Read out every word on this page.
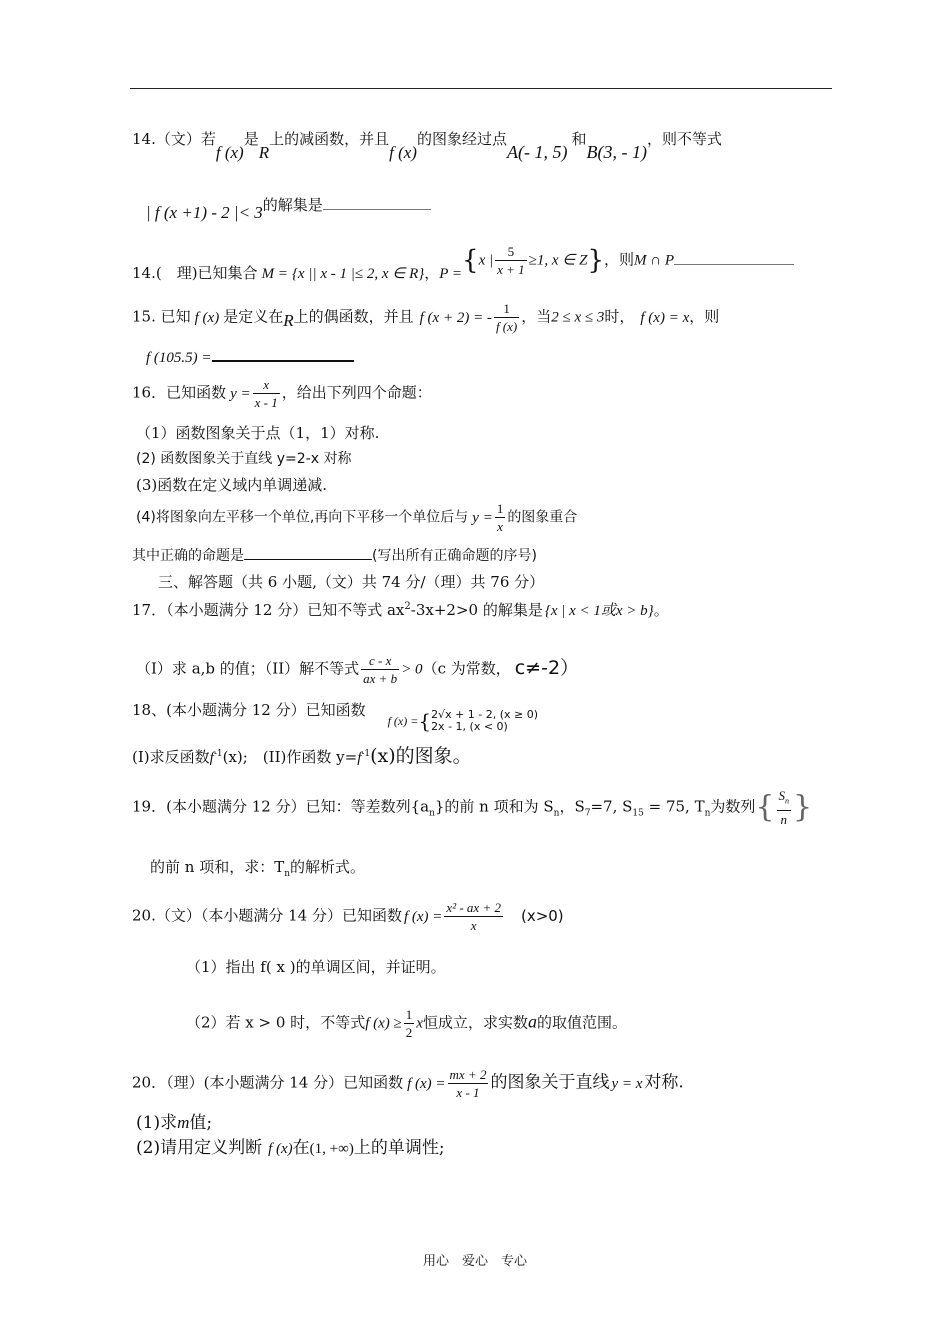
14.（文）若f (x)是R上的减函数，并且f (x)的图象经过点A(- 1, 5)和B(3, - 1)，则不等式
| f (x +1) - 2 |< 3的解集是
14.(　理)已知集合 M = {x || x - 1 |≤ 2, x ∈ R}，P ={x | $\frac{5}{x + 1} \ge 1$, x ∈ Z}，则M ∩ P
15. 已知 f (x) 是定义在R上的偶函数，并且 f (x + 2) = - $\frac{1}{f (x)}$ ，当2 ≤ x ≤ 3时， f (x) = x，则
f (105.5) =
16．已知函数 $y = \frac{x}{x - 1}$ ，给出下列四个命题：
（1）函数图象关于点（1，1）对称.
(2) 函数图象关于直线 y=2-x 对称
(3)函数在定义域内单调递减.
(4)将图象向左平移一个单位,再向下平移一个单位后与 $y = \frac{1}{x}$ 的图象重合
其中正确的命题是	(写出所有正确命题的序号)
三、解答题（共 6 小题,（文）共 74 分/（理）共 76 分）
17．（本小题满分 12 分）已知不等式 $ax^2-3x+2>0$ 的解集是 {x | x < 1或x > b}。
（I）求 a,b 的值；（II）解不等式 $\frac{c - x}{ax + b} > 0(c$ 为常数， c≠-2）
18、(本小题满分 12 分）已知函数$_{f (x) =}${ 2√x + 1 - 2, (x ≥ 0)
2x - 1, (x < 0)
(I)求反函数$f^{-1}(x)$;　(II)作函数 $y=f^{-1}(x)$的图象。
19．(本小题满分 12 分）已知：等差数列$\{a_n\}$的前 n 项和为 $S_n$，$S_7=7$, $S_{15} = 75$, $T_n$为数列{ $\frac{S_n}{n}$ }
的前 n 项和，求：$T_n$的解析式。
20.（文）（本小题满分 14 分）已知函数 f $(x) = \frac{\text{x² - ax + 2}}{x} (x>0)$
（1）指出 f( x )的单调区间，并证明。
（2）若 x > 0 时，不等式f $(x) \ge \frac{1}{2}$ x恒成立，求实数a的取值范围。
20．（理）(本小题满分 14 分）已知函数 f $(x) = \frac{mx + 2}{x - 1}$ 的图象关于直线 y = x 对称.
(1)求m值;
(2)请用定义判断 f (x)在(1, +∞)上的单调性;
用心　爱心　专心
